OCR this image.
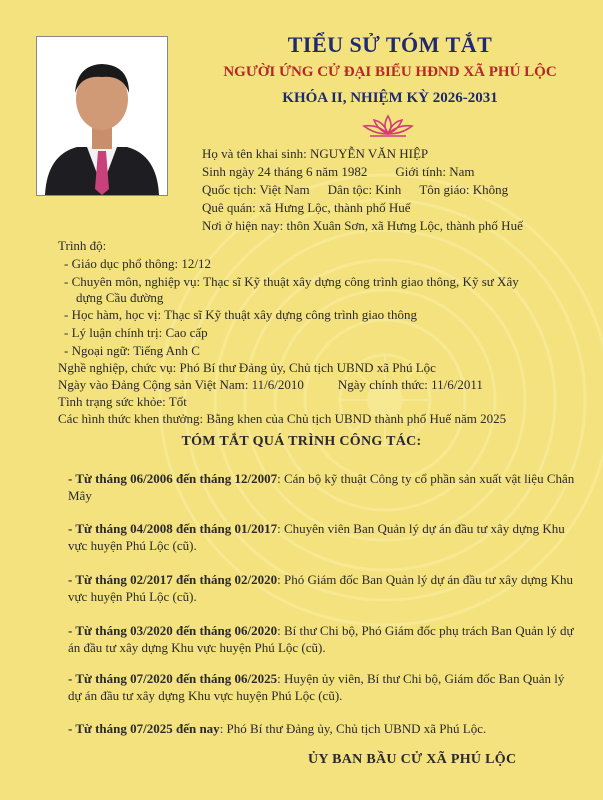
TIỂU SỬ TÓM TẮT
NGƯỜI ỨNG CỬ ĐẠI BIỂU HĐND XÃ PHÚ LỘC
KHÓA II, NHIỆM KỲ 2026-2031
Họ và tên khai sinh: NGUYỄN VĂN HIỆP
Sinh ngày 24 tháng 6 năm 1982 Giới tính: Nam
Quốc tịch: Việt Nam Dân tộc: Kinh Tôn giáo: Không
Quê quán: xã Hưng Lộc, thành phố Huế
Nơi ở hiện nay: thôn Xuân Sơn, xã Hưng Lộc, thành phố Huế
Trình độ:
- Giáo dục phổ thông: 12/12
- Chuyên môn, nghiệp vụ: Thạc sĩ Kỹ thuật xây dựng công trình giao thông, Kỹ sư Xây
dựng Cầu đường
- Học hàm, học vị: Thạc sĩ Kỹ thuật xây dựng công trình giao thông
- Lý luận chính trị: Cao cấp
- Ngoại ngữ: Tiếng Anh C
Nghề nghiệp, chức vụ: Phó Bí thư Đảng ủy, Chủ tịch UBND xã Phú Lộc
Ngày vào Đảng Cộng sản Việt Nam: 11/6/2010	Ngày chính thức: 11/6/2011
Tình trạng sức khỏe: Tốt
Các hình thức khen thưởng: Bằng khen của Chủ tịch UBND thành phố Huế năm 2025
TÓM TẮT QUÁ TRÌNH CÔNG TÁC:
- Từ tháng 06/2006 đến tháng 12/2007: Cán bộ kỹ thuật Công ty cổ phần sản xuất vật liệu Chân Mây
- Từ tháng 04/2008 đến tháng 01/2017: Chuyên viên Ban Quản lý dự án đầu tư xây dựng Khu vực huyện Phú Lộc (cũ).
- Từ tháng 02/2017 đến tháng 02/2020: Phó Giám đốc Ban Quản lý dự án đầu tư xây dựng Khu vực huyện Phú Lộc (cũ).
- Từ tháng 03/2020 đến tháng 06/2020: Bí thư Chi bộ, Phó Giám đốc phụ trách Ban Quản lý dự án đầu tư xây dựng Khu vực huyện Phú Lộc (cũ).
- Từ tháng 07/2020 đến tháng 06/2025: Huyện ủy viên, Bí thư Chi bộ, Giám đốc Ban Quản lý dự án đầu tư xây dựng Khu vực huyện Phú Lộc (cũ).
- Từ tháng 07/2025 đến nay: Phó Bí thư Đảng ủy, Chủ tịch UBND xã Phú Lộc.
ỦY BAN BẦU CỬ XÃ PHÚ LỘC
